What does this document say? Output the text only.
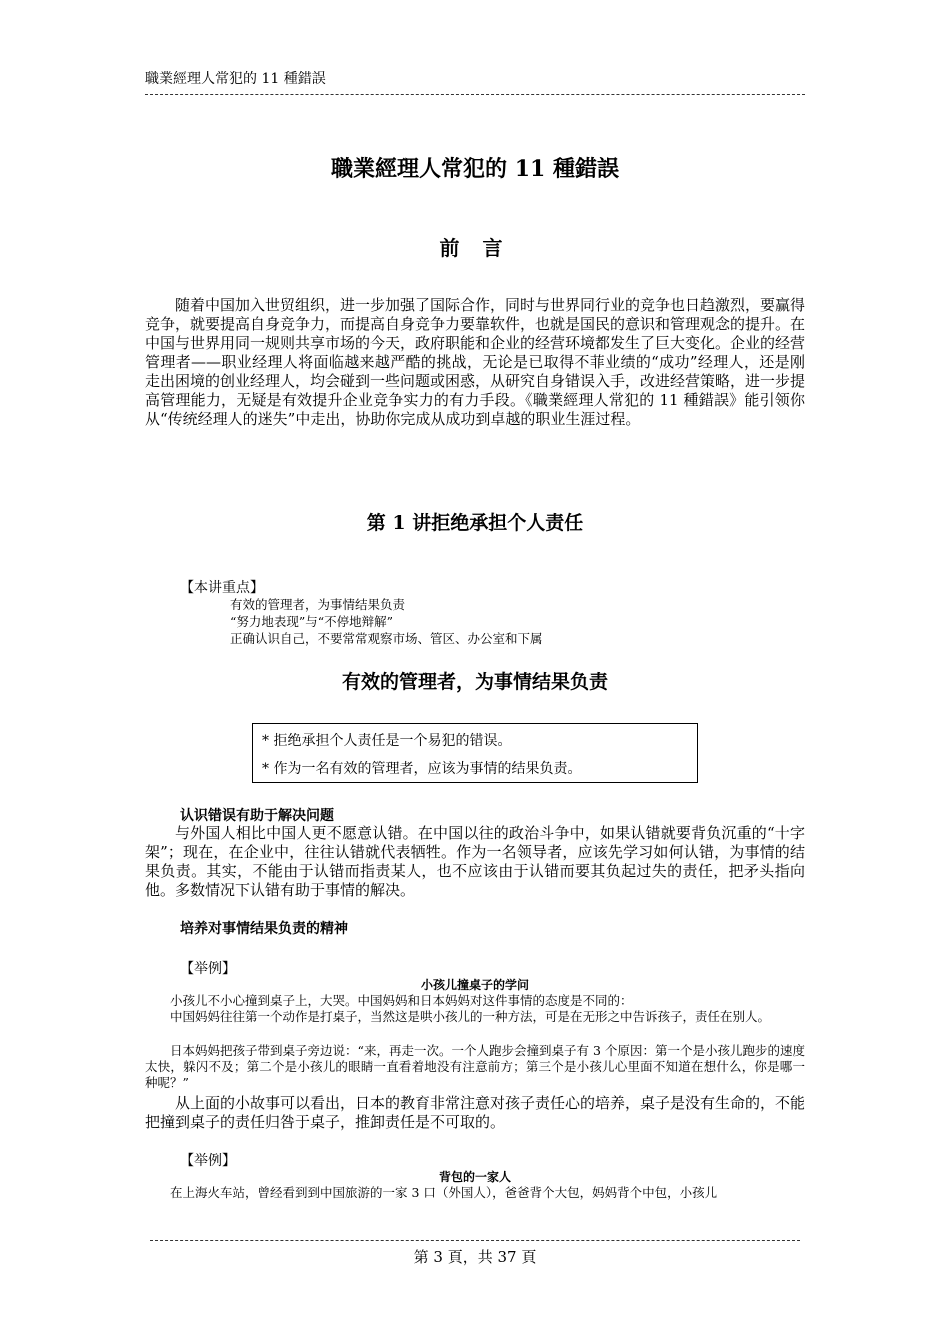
職業經理人常犯的 11 種錯誤
職業經理人常犯的 11 種錯誤
前 言
随着中国加入世贸组织，进一步加强了国际合作，同时与世界同行业的竞争也日趋激烈，要赢得竞争，就要提高自身竞争力，而提高自身竞争力要靠软件，也就是国民的意识和管理观念的提升。在中国与世界用同一规则共享市场的今天，政府职能和企业的经营环境都发生了巨大变化。企业的经营管理者——职业经理人将面临越来越严酷的挑战，无论是已取得不菲业绩的“成功”经理人，还是刚走出困境的创业经理人，均会碰到一些问题或困惑，从研究自身错误入手，改进经营策略，进一步提高管理能力，无疑是有效提升企业竞争实力的有力手段。《職業經理人常犯的 11 種錯誤》能引领你从“传统经理人的迷失”中走出，协助你完成从成功到卓越的职业生涯过程。
第 1 讲拒绝承担个人责任
【本讲重点】
有效的管理者，为事情结果负责
“努力地表现”与“不停地辩解”
正确认识自己，不要常常观察市场、管区、办公室和下属
有效的管理者，为事情结果负责
* 拒绝承担个人责任是一个易犯的错误。
* 作为一名有效的管理者，应该为事情的结果负责。
认识错误有助于解决问题
与外国人相比中国人更不愿意认错。在中国以往的政治斗争中，如果认错就要背负沉重的“十字架”；现在，在企业中，往往认错就代表牺牲。作为一名领导者，应该先学习如何认错，为事情的结果负责。其实，不能由于认错而指责某人，也不应该由于认错而要其负起过失的责任，把矛头指向他。多数情况下认错有助于事情的解决。
培养对事情结果负责的精神
【举例】
小孩儿撞桌子的学问
小孩儿不小心撞到桌子上，大哭。中国妈妈和日本妈妈对这件事情的态度是不同的：
中国妈妈往往第一个动作是打桌子，当然这是哄小孩儿的一种方法，可是在无形之中告诉孩子，责任在别人。
日本妈妈把孩子带到桌子旁边说：“来，再走一次。一个人跑步会撞到桌子有 3 个原因：第一个是小孩儿跑步的速度太快，躲闪不及；第二个是小孩儿的眼睛一直看着地没有注意前方；第三个是小孩儿心里面不知道在想什么，你是哪一种呢？”
从上面的小故事可以看出，日本的教育非常注意对孩子责任心的培养，桌子是没有生命的，不能把撞到桌子的责任归咎于桌子，推卸责任是不可取的。
【举例】
背包的一家人
在上海火车站，曾经看到到中国旅游的一家 3 口（外国人），爸爸背个大包，妈妈背个中包，小孩儿
第 3 頁，共 37 頁
